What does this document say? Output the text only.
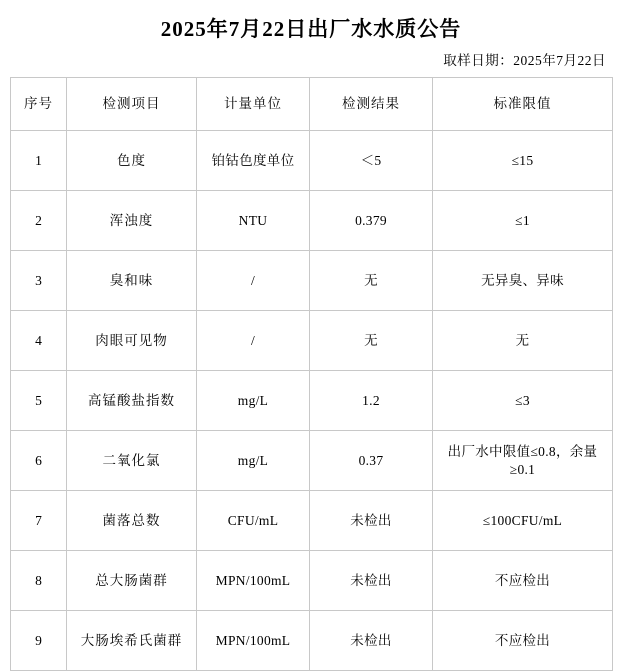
2025年7月22日出厂水水质公告
取样日期：2025年7月22日
序号	检测项目	计量单位	检测结果	标准限值
1	色度	铂钴色度单位	＜5	≤15
2	浑浊度	NTU	0.379	≤1
3	臭和味	/	无	无异臭、异味
4	肉眼可见物	/	无	无
5	高锰酸盐指数	mg/L	1.2	≤3
6	二氧化氯	mg/L	0.37	出厂水中限值≤0.8，余量≥0.1
7	菌落总数	CFU/mL	未检出	≤100CFU/mL
8	总大肠菌群	MPN/100mL	未检出	不应检出
9	大肠埃希氏菌群	MPN/100mL	未检出	不应检出
